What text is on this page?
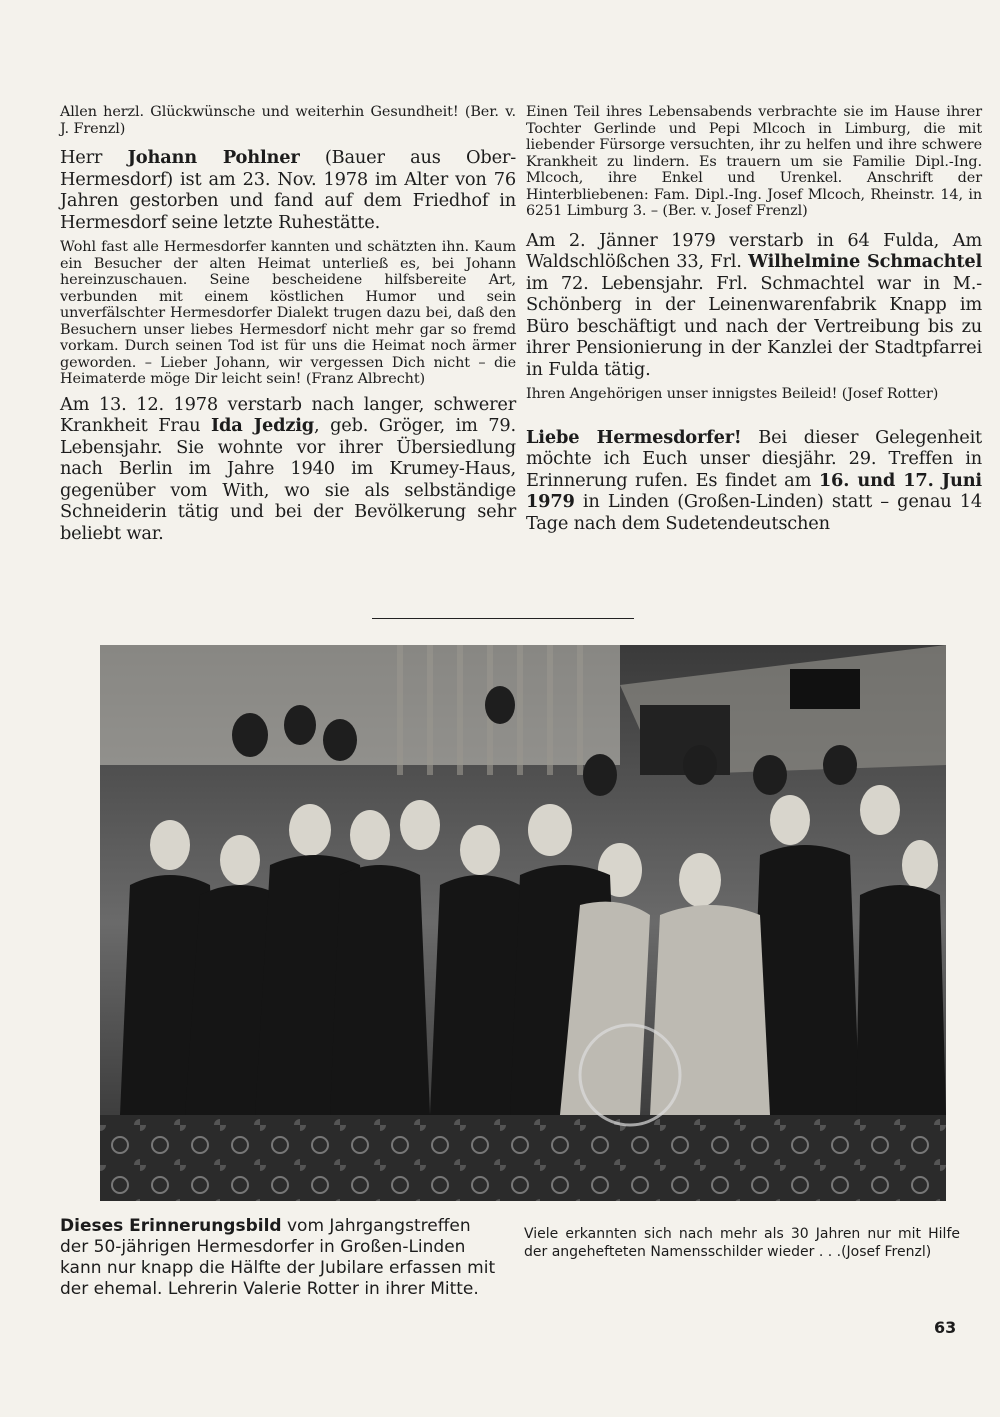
Allen herzl. Glückwünsche und weiterhin Gesundheit! (Ber. v. J. Frenzl)

Herr Johann Pohlner (Bauer aus Ober-Hermesdorf) ist am 23. Nov. 1978 im Alter von 76 Jahren gestorben und fand auf dem Friedhof in Hermesdorf seine letzte Ruhestätte.

Wohl fast alle Hermesdorfer kannten und schätzten ihn. Kaum ein Besucher der alten Heimat unterließ es, bei Johann hereinzuschauen. Seine bescheidene hilfsbereite Art, verbunden mit einem köstlichen Humor und sein unverfälschter Hermesdorfer Dialekt trugen dazu bei, daß den Besuchern unser liebes Hermesdorf nicht mehr gar so fremd vorkam. Durch seinen Tod ist für uns die Heimat noch ärmer geworden. – Lieber Johann, wir vergessen Dich nicht – die Heimaterde möge Dir leicht sein! (Franz Albrecht)

Am 13. 12. 1978 verstarb nach langer, schwerer Krankheit Frau Ida Jedzig, geb. Gröger, im 79. Lebensjahr. Sie wohnte vor ihrer Übersiedlung nach Berlin im Jahre 1940 im Krumey-Haus, gegenüber vom With, wo sie als selbständige Schneiderin tätig und bei der Bevölkerung sehr beliebt war.

Einen Teil ihres Lebensabends verbrachte sie im Hause ihrer Tochter Gerlinde und Pepi Mlcoch in Limburg, die mit liebender Fürsorge versuchten, ihr zu helfen und ihre schwere Krankheit zu lindern. Es trauern um sie Familie Dipl.-Ing. Mlcoch, ihre Enkel und Urenkel. Anschrift der Hinterbliebenen: Fam. Dipl.-Ing. Josef Mlcoch, Rheinstr. 14, in 6251 Limburg 3. – (Ber. v. Josef Frenzl)

Am 2. Jänner 1979 verstarb in 64 Fulda, Am Waldschlößchen 33, Frl. Wilhelmine Schmachtel im 72. Lebensjahr. Frl. Schmachtel war in M.-Schönberg in der Leinenwarenfabrik Knapp im Büro beschäftigt und nach der Vertreibung bis zu ihrer Pensionierung in der Kanzlei der Stadtpfarrei in Fulda tätig.

Ihren Angehörigen unser innigstes Beileid! (Josef Rotter)

Liebe Hermesdorfer! Bei dieser Gelegenheit möchte ich Euch unser diesjähr. 29. Treffen in Erinnerung rufen. Es findet am 16. und 17. Juni 1979 in Linden (Großen-Linden) statt – genau 14 Tage nach dem Sudetendeutschen

Dieses Erinnerungsbild vom Jahrgangstreffen der 50-jährigen Hermesdorfer in Großen-Linden kann nur knapp die Hälfte der Jubilare erfassen mit der ehemal. Lehrerin Valerie Rotter in ihrer Mitte.
Viele erkannten sich nach mehr als 30 Jahren nur mit Hilfe der angehefteten Namensschilder wieder . . .(Josef Frenzl)
63
